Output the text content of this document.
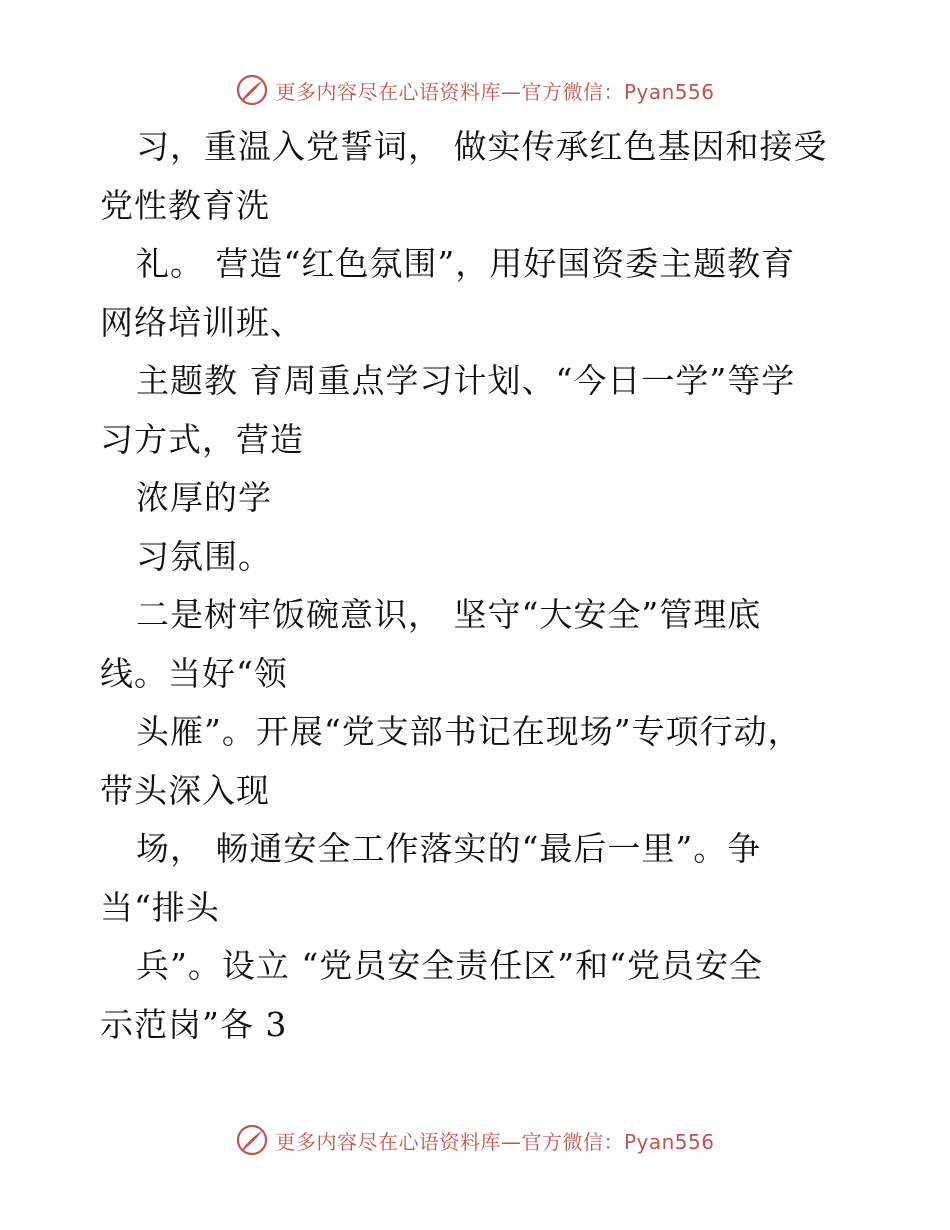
更多内容尽在心语资料库—官方微信：Pyan556
习，重温入党誓词， 做实传承红色基因和接受
党性教育洗
礼。 营造“红色氛围”，用好国资委主题教育
网络培训班、
主题教 育周重点学习计划、“今日一学”等学
习方式，营造
浓厚的学
习氛围。
二是树牢饭碗意识， 坚守“大安全”管理底
线。当好“领
头雁”。开展“党支部书记在现场”专项行动，
带头深入现
场， 畅通安全工作落实的“最后一里”。争
当“排头
兵”。设立 “党员安全责任区”和“党员安全
示范岗”各 3
更多内容尽在心语资料库—官方微信：Pyan556
